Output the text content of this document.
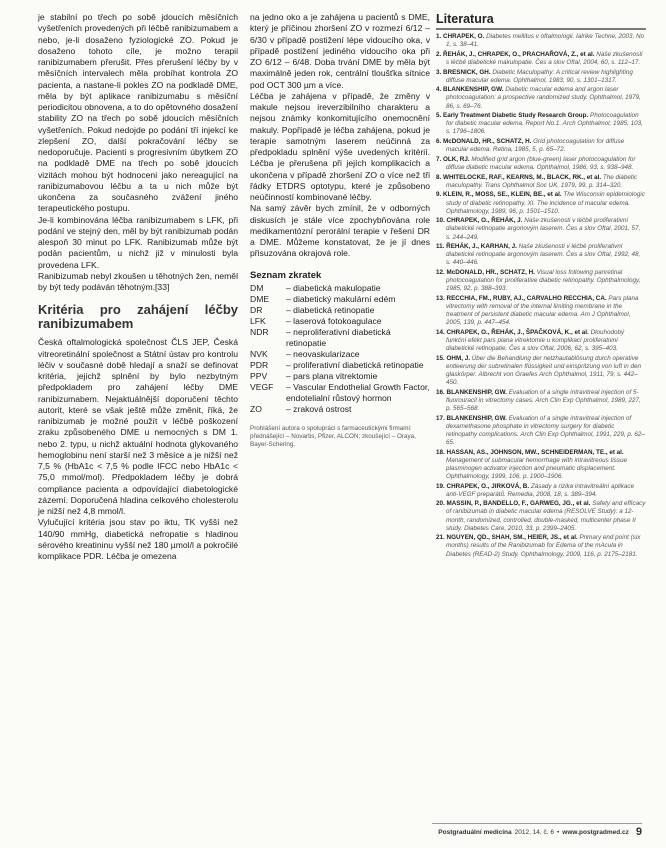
je stabilní po třech po sobě jdoucích měsíčních vyšetřeních provedených při léčbě ranibizumabem a nebo, je-li dosaženo fyziologické ZO. Pokud je dosaženo tohoto cíle, je možno terapii ranibizumabem přerušit. Přes přerušení léčby by v měsíčních intervalech měla probíhat kontrola ZO pacienta, a nastane-li pokles ZO na podkladě DME, měla by být aplikace ranibizumabu s měsíční periodicitou obnovena, a to do opětovného dosažení stability ZO na třech po sobě jdoucích měsíčních vyšetřeních. Pokud nedojde po podání tří injekcí ke zlepšení ZO, další pokračování léčby se nedoporučuje. Pacienti s progresivním úbytkem ZO na podkladě DME na třech po sobě jdoucích vizitách mohou být hodnoceni jako nereagující na ranibizumabovou léčbu a ta u nich může být ukončena za současného zvážení jiného terapeutického postupu.

Je-li kombinována léčba ranibizumabem s LFK, při podání ve stejný den, měl by být ranibizumab podán alespoň 30 minut po LFK. Ranibizumab může být podán pacientům, u nichž již v minulosti byla provedena LFK.

Ranibizumab nebyl zkoušen u těhotných žen, neměl by být tedy podáván těhotným.[33]

Kritéria pro zahájení léčby ranibizumabem

Česká oftalmologická společnost ČLS JEP, Česká vitreoretinální společnost a Státní ústav pro kontrolu léčiv v současné době hledají a snaží se definovat kritéria, jejichž splnění by bylo nezbytným předpokladem pro zahájení léčby DME ranibizumabem. Nejaktuálnější doporučení těchto autorit, které se však ještě může změnit, říká, že ranibizumab je možné použít v léčbě poškození zraku způsobeného DME u nemocných s DM 1. nebo 2. typu, u nichž aktuální hodnota glykovaného hemoglobinu není starší než 3 měsíce a je nižší než 7,5 % (HbA1c < 7,5 % podle IFCC nebo HbA1c < 75,0 mmol/mol). Předpokladem léčby je dobrá compliance pacienta a odpovídající diabetologické zázemí. Doporučená hladina celkového cholesterolu je nižší než 4,8 mmol/l.

Vylučující kritéria jsou stav po iktu, TK vyšší než 140/90 mmHg, diabetická nefropatie s hladinou sérového kreatininu vyšší než 180 µmol/l a pokročilé komplikace PDR. Léčba je omezena

na jedno oko a je zahájena u pacientů s DME, který je příčinou zhoršení ZO v rozmezí 6/12 – 6/30 v případě postižení lépe vidoucího oka, v případě postižení jediného vidoucího oka při ZO 6/12 – 6/48. Doba trvání DME by měla být maximálně jeden rok, centrální tloušťka sítnice pod OCT 300 µm a více.

Léčba je zahájena v případě, že změny v makule nejsou ireverzibilního charakteru a nejsou známky konkomitujícího onemocnění makuly. Popřípadě je léčba zahájena, pokud je terapie samotným laserem neúčinná za předpokladu splnění výše uvedených kritérií. Léčba je přerušena při jejích komplikacích a ukončena v případě zhoršení ZO o více než tři řádky ETDRS optotypu, které je způsobeno neúčinností kombinované léčby.

Na samý závěr bych zmínil, že v odborných diskusích je stále více zpochybňována role medikamentózní perorální terapie v řešení DR a DME. Můžeme konstatovat, že je jí dnes přisuzována okrajová role.

Seznam zkratek
DM	– diabetická makulopatie
DME	– diabetický makulární edém
DR	– diabetická retinopatie
LFK	– laserová fotokoagulace
NDR	– neproliferativní diabetická retinopatie
NVK	– neovaskularizace
PDR	– proliferativní diabetická retinopatie
PPV	– pars plana vitrektomie
VEGF	– Vascular Endothelial Growth Factor, endotelialní růstový hormon
ZO	– zraková ostrost
Prohlášení autora o spolupráci s farmaceutickými firmami: přednášející – Novartis, Pfizer, ALCON; zkoušející – Oraya, Bayer-Schering.
Literatura

1. CHRAPEK, O. Diabetes mellitus v oftalmologii. Ialrike Techne, 2003, No 1, s. 38–41.

2. ŘEHÁK, J., CHRAPEK, O., PRACHAŘOVÁ, Z., et al. Naše zkušenosti s léčbě diabetické makulopatie. Čes a slov Oftal, 2004, 60, s. 112–17.

3. BRESNICK, GH. Diabetic Maculopathy: A critical review highlighting diffuse macular edema. Ophthalmol, 1983, 90, s. 1301–1317.

4. BLANKENSHIP, GW. Diabetic macular edema and argon laser photocoagulation: a prospective randomized study. Ophthalmol, 1979, 86, s. 69–76.

5. Early Treatment Diabetic Study Research Group. Photocoagulation for diabetic macular edema. Report No.1. Arch Ophthalmol, 1985, 103, s. 1796–1806.

6. McDONALD, HR., SCHATZ, H. Grid photocoagulation for diffuse macular edema. Retina, 1985, 5, p. 65–72.

7. OLK, RJ. Modified grid argon (blue-green) laser photocoagulation for diffuse diabetic macular edema. Ophthalmol, 1986, 93, s. 938–948.

8. WHITELOCKE, RAF., KEARNS, M., BLACK, RK., et al. The diabetic maculopathy. Trans Ophthalmol Soc UK, 1979, 99, p. 314–320.

9. KLEIN, R., MOSS, SE., KLEIN, BE., et al. The Wisconsin epidemiologic study of diabetic retinopathy. XI. The incidence of macular edema. Ophthalmology, 1989, 96, p. 1501–1510.

10. CHRAPEK, O., ŘEHÁK, J. Naše zkušenosti v léčbě proliferativní diabetické retinopatie argonovým laserem. Čes a slov Oftal, 2001, 57, s. 244–249.

11. ŘEHÁK, J., KARHAN, J. Naše zkušenosti v léčbě proliferativní diabetické retinopatie argonovým laserem. Čes a slov Oftal, 1992, 48, s. 440–446.

12. McDONALD, HR., SCHATZ, H. Visual loss following panretinal photocoagulation for proliferative diabetic retinopathy. Ophthalmology, 1985, 92, p. 388–393.

13. RECCHIA, FM., RUBY, AJ., CARVALHO RECCHIA, CA. Pars plana vitrectomy with removal of the internal limiting membrane in the treatment of persistent diabetic macular edema. Am J Ophthalmol, 2005, 139, p. 447–454.

14. CHRAPEK, O., ŘEHÁK, J., ŠPAČKOVÁ, K., et al. Dlouhodobý funkční efekt pars plana vitrektomie u komplikací proliferativní diabetické retinopatie. Čes a slov Oftal, 2006, 62, s. 395–403.

15. OHM, J. Über die Behandlung der netzhautablösung durch operative entleerung der subretinalen flüssigkeit und einspritzung von luft in den glaskörper. Albrecht von Graefes Arch Ophthalmol, 1911, 79, s. 442–450.

16. BLANKENSHIP, GW. Evaluation of a single intravitreal injection of 5-fluorouracil in vitrectomy cases. Arch Clin Exp Ophthalmol, 1989, 227, p. 565–568.

17. BLANKENSHIP, GW. Evaluation of a single intravitreal injection of dexamethasone phosphate in vitrectomy surgery for diabetic retinopathy complications. Arch Clin Exp Ophthalmol, 1991, 229, p. 62–65.

18. HASSAN, AS., JOHNSON, MW., SCHNEIDERMAN, TE., et al. Management of submacular hemorrhage with intravitreous tissue plasminogen activator injection and pneumatic displacement. Ophthalmology, 1999, 106, p. 1900–1906.

19. CHRAPEK, O., JIRKOVÁ, B. Zásady a rizika intravitreální aplikace anti-VEGF preparátů. Remedia, 2008, 18, s. 389–394.

20. MASSIN, P., BANDELLO, F., GARWEG, JG., et al. Safety and efficacy of ranibizumab in diabetic macular edema (RESOLVE Study): a 12-month, randomized, controlled, double-masked, multicenter phase II study. Diabetes Care, 2010, 33, p. 2399–2405.

21. NGUYEN, QD., SHAH, SM., HEIER, JS., et al. Primary end point (six months) results of the Ranibizumab for Edema of the mAcula in Diabetes (READ-2) Study. Ophthalmology, 2009, 116, p. 2175–2181.

Postgraduální medicína 2012, 14, č. 6 • www.postgradmed.cz 9
